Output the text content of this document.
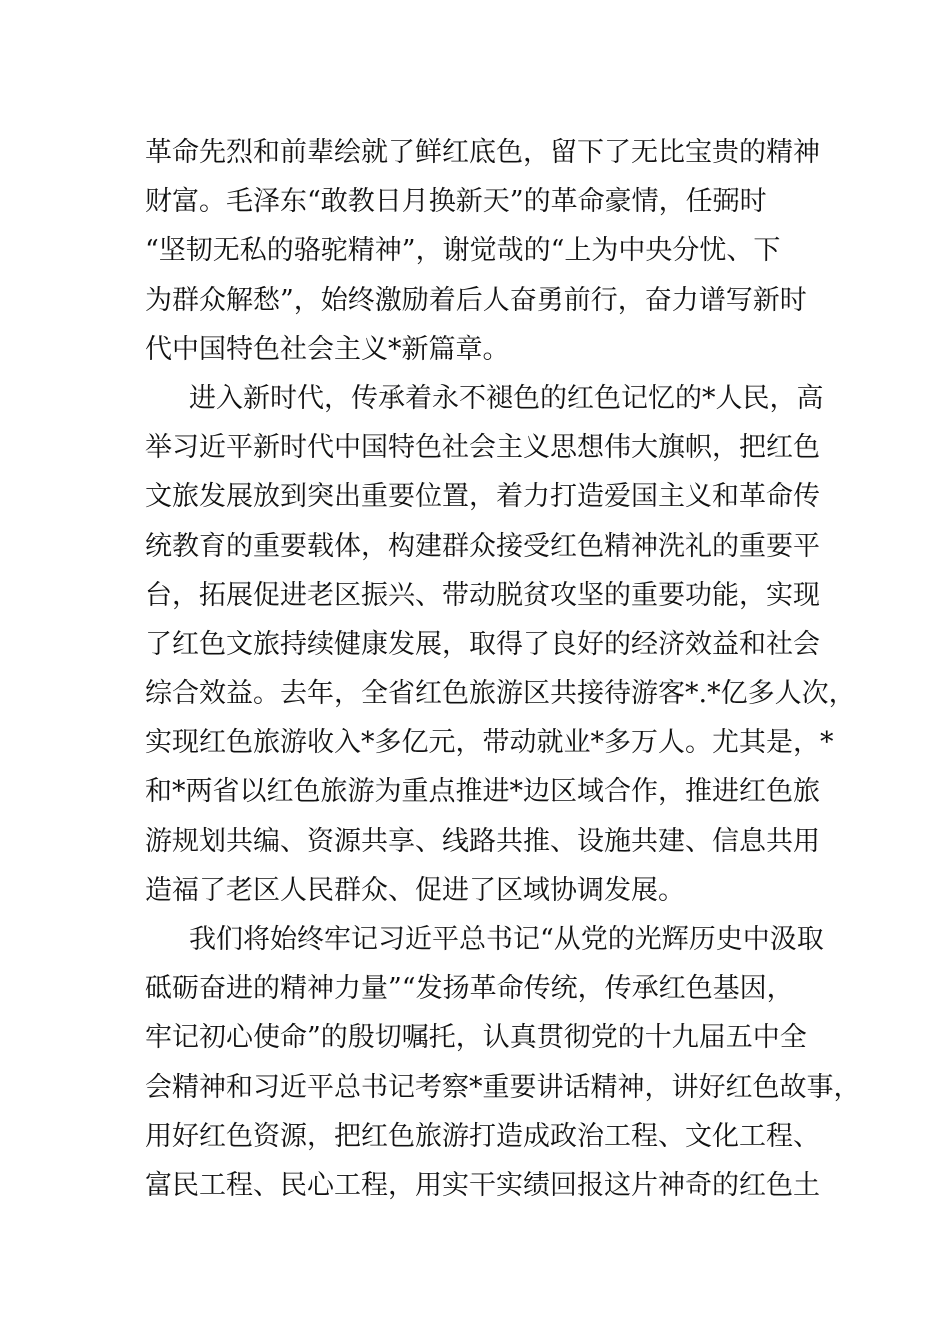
革命先烈和前辈绘就了鲜红底色，留下了无比宝贵的精神
财富。毛泽东“敢教日月换新天”的革命豪情，任弼时
“坚韧无私的骆驼精神”，谢觉哉的“上为中央分忧、下
为群众解愁”，始终激励着后人奋勇前行，奋力谱写新时
代中国特色社会主义*新篇章。
进入新时代，传承着永不褪色的红色记忆的*人民，高
举习近平新时代中国特色社会主义思想伟大旗帜，把红色
文旅发展放到突出重要位置，着力打造爱国主义和革命传
统教育的重要载体，构建群众接受红色精神洗礼的重要平
台，拓展促进老区振兴、带动脱贫攻坚的重要功能，实现
了红色文旅持续健康发展，取得了良好的经济效益和社会
综合效益。去年，全省红色旅游区共接待游客*.*亿多人次，
实现红色旅游收入*多亿元，带动就业*多万人。尤其是，*
和*两省以红色旅游为重点推进*边区域合作，推进红色旅
游规划共编、资源共享、线路共推、设施共建、信息共用
造福了老区人民群众、促进了区域协调发展。
我们将始终牢记习近平总书记“从党的光辉历史中汲取
砥砺奋进的精神力量”“发扬革命传统，传承红色基因，
牢记初心使命”的殷切嘱托，认真贯彻党的十九届五中全
会精神和习近平总书记考察*重要讲话精神，讲好红色故事，
用好红色资源，把红色旅游打造成政治工程、文化工程、
富民工程、民心工程，用实干实绩回报这片神奇的红色土
